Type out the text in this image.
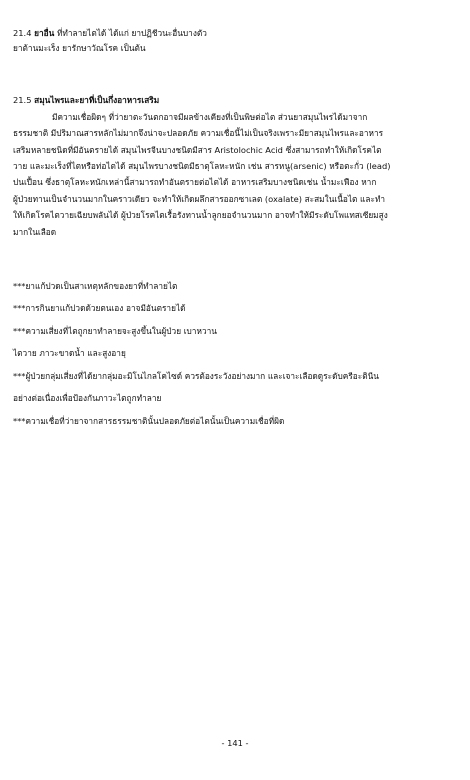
21.4 ยาอื่น ที่ทำลายไตได้ ได้แก่ ยาปฏิชีวนะอื่นบางตัว
ยาต้านมะเร็ง ยารักษาวัณโรค เป็นต้น
21.5 สมุนไพรและยาที่เป็นกึ่งอาหารเสริม
มีความเชื่อผิดๆ ที่ว่ายาตะวันตกอาจมีผลข้างเคียงที่เป็นพิษต่อไต ส่วนยาสมุนไพรได้มาจาก
ธรรมชาติ มีปริมาณสารหลักไม่มากจึงน่าจะปลอดภัย ความเชื่อนี้ไม่เป็นจริงเพราะมียาสมุนไพรและอาหาร
เสริมหลายชนิดที่มีอันตรายได้ สมุนไพรจีนบางชนิดมีสาร Aristolochic Acid ซึ่งสามารถทำให้เกิดโรคไต
วาย และมะเร็งที่ไตหรือท่อไตได้ สมุนไพรบางชนิดมีธาตุโลหะหนัก เช่น สารหนู(arsenic) หรือตะกั่ว (lead)
ปนเปื้อน ซึ่งธาตุโลหะหนักเหล่านี้สามารถทำอันตรายต่อไตได้ อาหารเสริมบางชนิดเช่น น้ำมะเฟือง หาก
ผู้ป่วยทานเป็นจำนวนมากในคราวเดียว จะทำให้เกิดผลึกสารออกซาเลต (oxalate) สะสมในเนื้อไต และทำ
ให้เกิดโรคไตวายเฉียบพลันได้ ผู้ป่วยโรคไตเรื้อรังทานน้ำลูกยอจำนวนมาก อาจทำให้มีระดับโพแทสเซียมสูง
มากในเลือด
***ยาแก้ปวดเป็นสาเหตุหลักของยาที่ทำลายไต
***การกินยาแก้ปวดด้วยตนเอง อาจมีอันตรายได้
***ความเสี่ยงที่ไตถูกยาทำลายจะสูงขึ้นในผู้ป่วย เบาหวาน
ไตวาย ภาวะขาดน้ำ และสูงอายุ
***ผู้ป่วยกลุ่มเสี่ยงที่ได้ยากลุ่มอะมิโนไกลโคไซด์ ควรต้องระวังอย่างมาก และเจาะเลือดดูระดับครีอะตินีน
อย่างต่อเนื่องเพื่อป้องกันภาวะไตถูกทำลาย
***ความเชื่อที่ว่ายาจากสารธรรมชาตินั้นปลอดภัยต่อไตนั้นเป็นความเชื่อที่ผิด
- 141 -
